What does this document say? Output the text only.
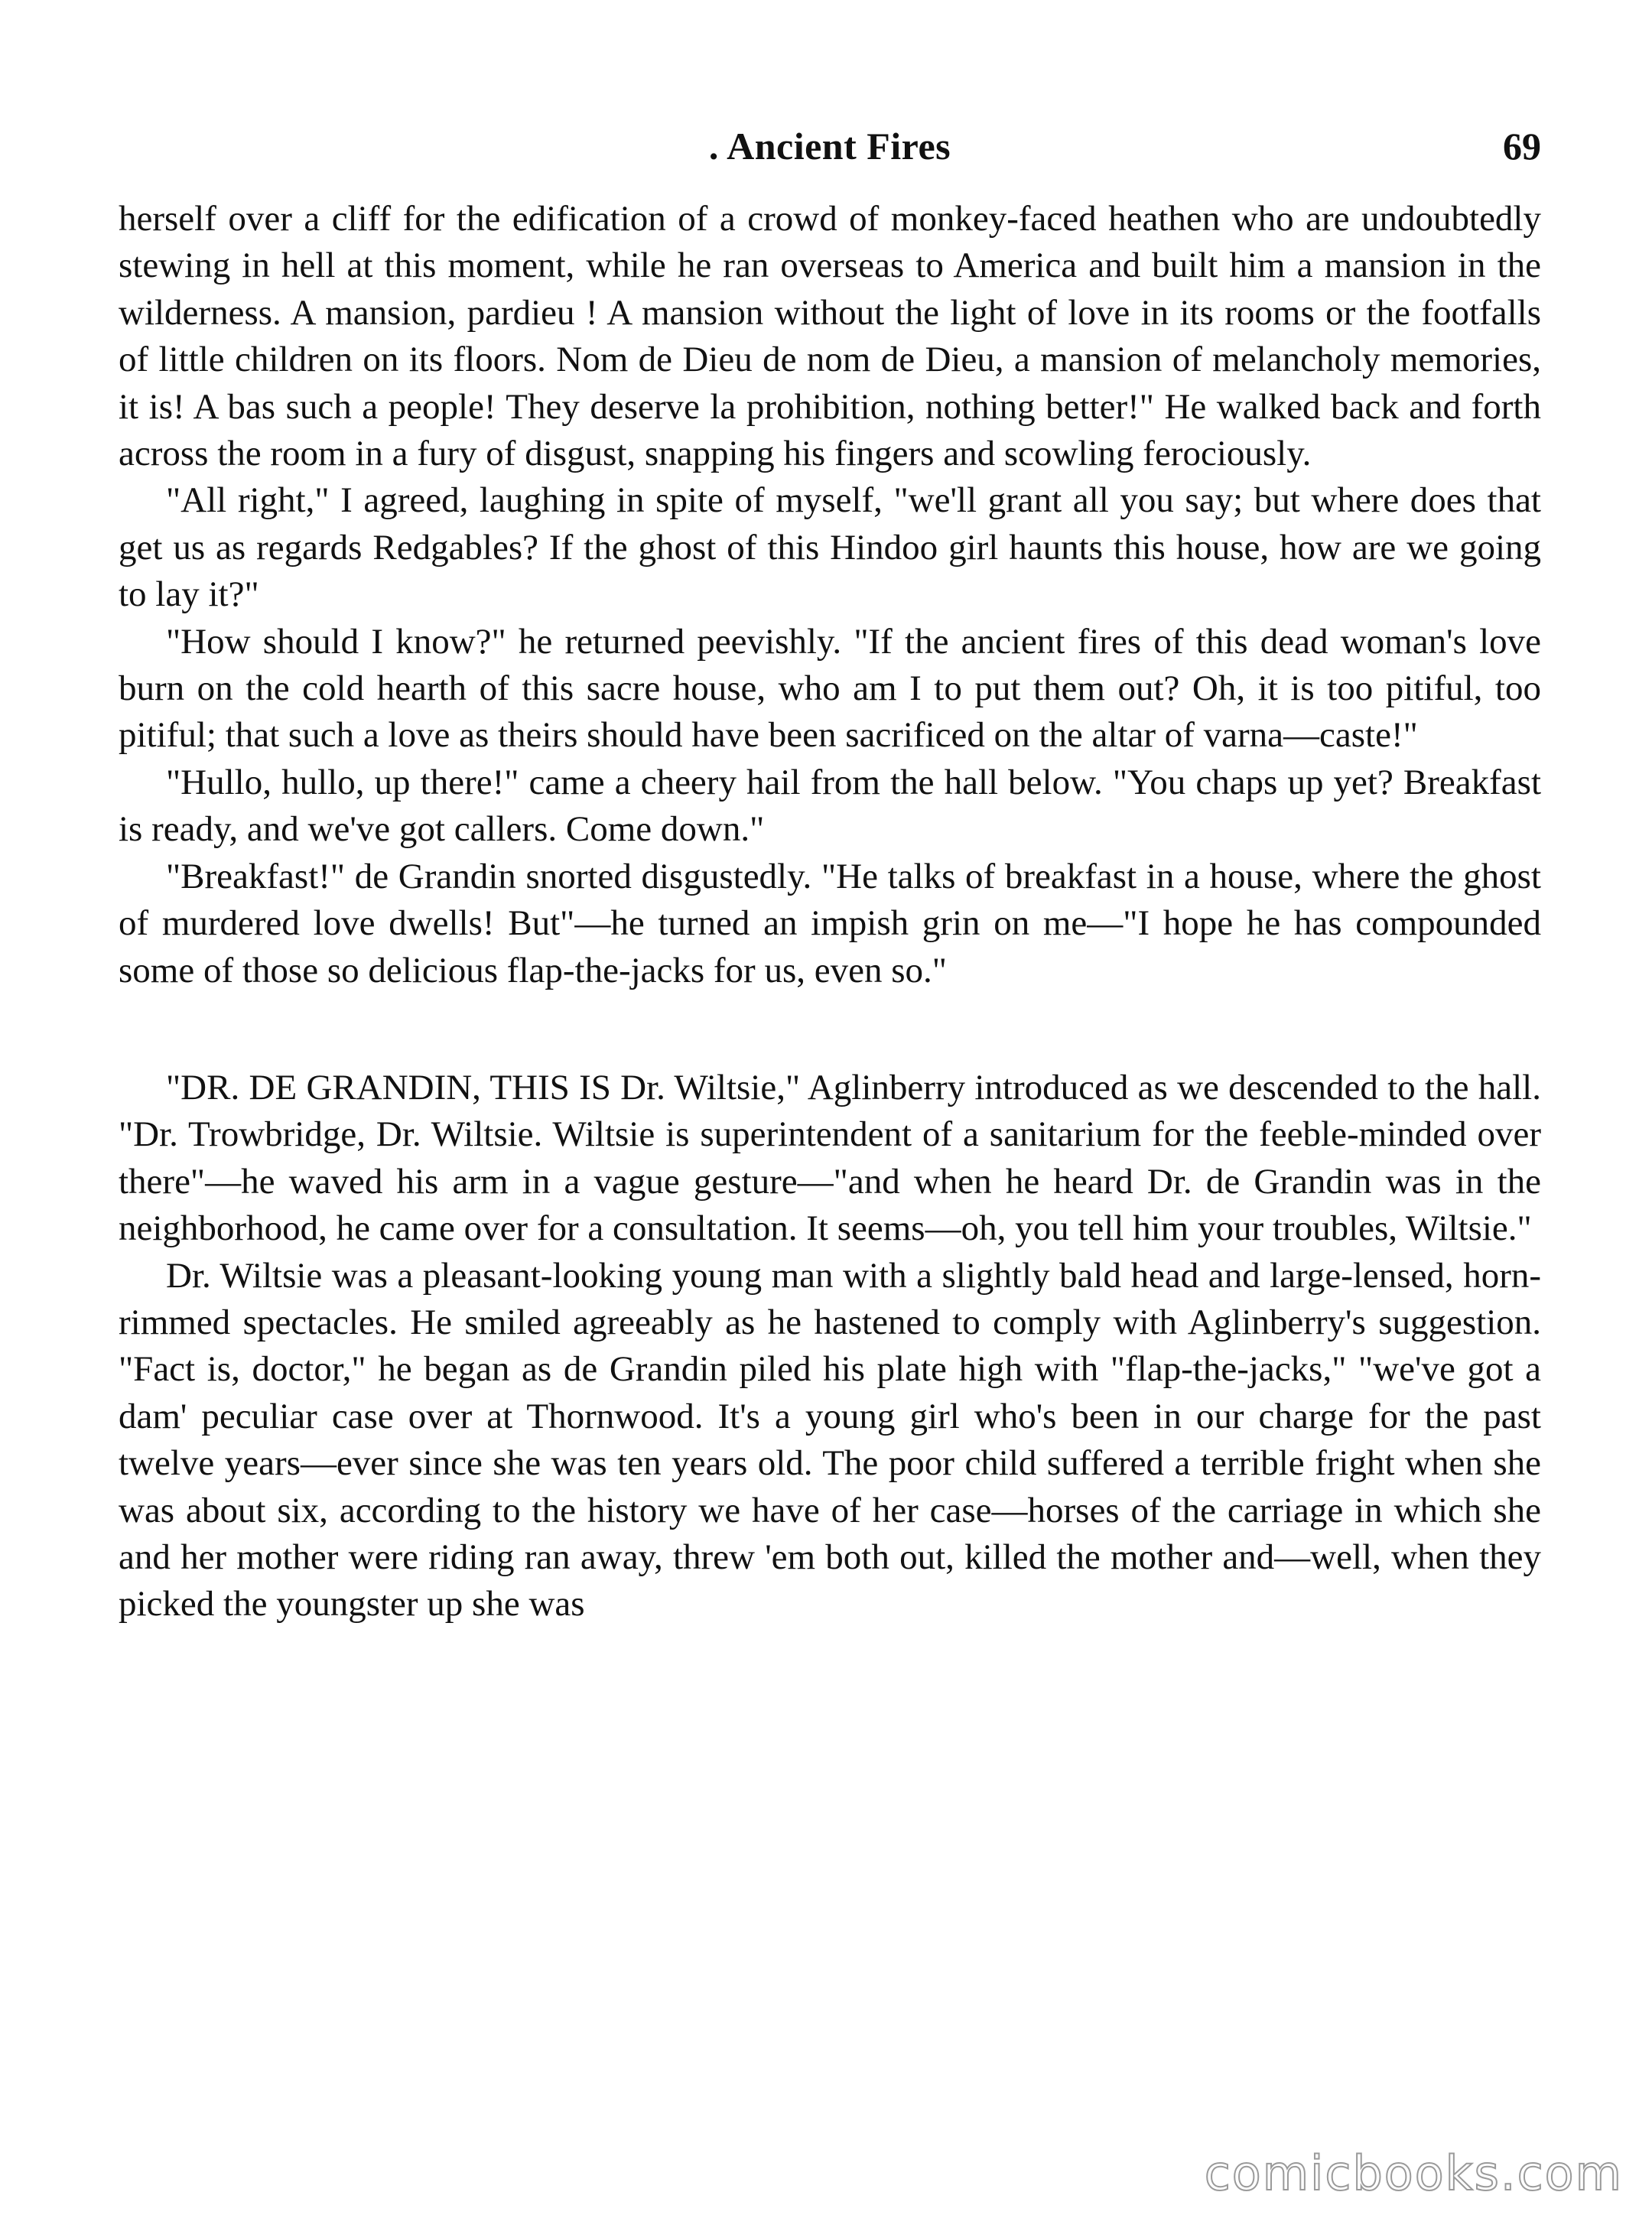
. Ancient Fires	69

herself over a cliff for the edification of a crowd of monkey-faced heathen who are undoubtedly stewing in hell at this moment, while he ran overseas to America and built him a mansion in the wilderness. A mansion, pardieu ! A mansion without the light of love in its rooms or the footfalls of little children on its floors. Nom de Dieu de nom de Dieu, a mansion of melancholy memories, it is! A bas such a people! They deserve la prohibition, nothing better!" He walked back and forth across the room in a fury of disgust, snapping his fingers and scowling ferociously.

"All right," I agreed, laughing in spite of myself, "we'll grant all you say; but where does that get us as regards Redgables? If the ghost of this Hindoo girl haunts this house, how are we going to lay it?"

"How should I know?" he returned peevishly. "If the ancient fires of this dead woman's love burn on the cold hearth of this sacre house, who am I to put them out? Oh, it is too pitiful, too pitiful; that such a love as theirs should have been sacrificed on the altar of varna—caste!"

"Hullo, hullo, up there!" came a cheery hail from the hall below. "You chaps up yet? Breakfast is ready, and we've got callers. Come down."

"Breakfast!" de Grandin snorted disgustedly. "He talks of breakfast in a house, where the ghost of murdered love dwells! But"—he turned an impish grin on me—"I hope he has compounded some of those so delicious flap-the-jacks for us, even so."

"DR. DE GRANDIN, THIS IS Dr. Wiltsie," Aglinberry introduced as we descended to the hall. "Dr. Trowbridge, Dr. Wiltsie. Wiltsie is superintendent of a sanitarium for the feeble-minded over there"—he waved his arm in a vague gesture—"and when he heard Dr. de Grandin was in the neighborhood, he came over for a consultation. It seems—oh, you tell him your troubles, Wiltsie."

Dr. Wiltsie was a pleasant-looking young man with a slightly bald head and large-lensed, horn-rimmed spectacles. He smiled agreeably as he hastened to comply with Aglinberry's suggestion. "Fact is, doctor," he began as de Grandin piled his plate high with "flap-the-jacks," "we've got a dam' peculiar case over at Thornwood. It's a young girl who's been in our charge for the past twelve years—ever since she was ten years old. The poor child suffered a terrible fright when she was about six, according to the history we have of her case—horses of the carriage in which she and her mother were riding ran away, threw 'em both out, killed the mother and—well, when they picked the youngster up she was

comicbooks.com
